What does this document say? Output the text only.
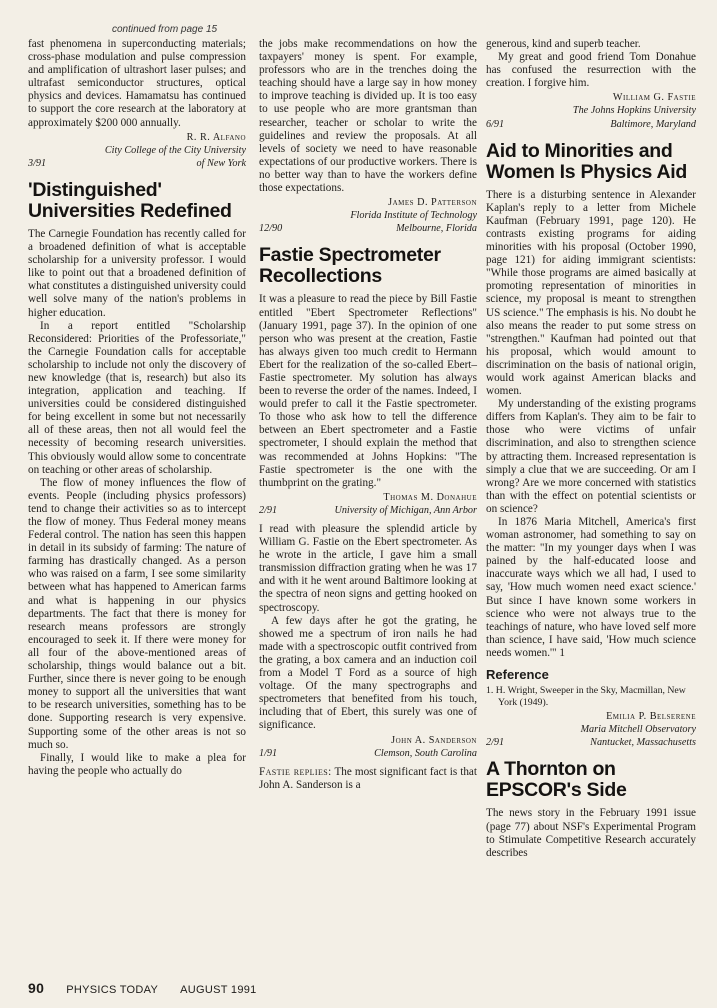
continued from page 15

fast phenomena in superconducting materials; cross-phase modulation and pulse compression and amplification of ultrashort laser pulses; and ultrafast semiconductor structures, optical physics and devices. Hamamatsu has continued to support the core research at the laboratory at approximately $200 000 annually.

R. R. Alfano
City College of the City University
3/91	of New York
'Distinguished' Universities Redefined

The Carnegie Foundation has recently called for a broadened definition of what is acceptable scholarship for a university professor. I would like to point out that a broadened definition of what constitutes a distinguished university could well solve many of the nation's problems in higher education.

In a report entitled "Scholarship Reconsidered: Priorities of the Professoriate," the Carnegie Foundation calls for acceptable scholarship to include not only the discovery of new knowledge (that is, research) but also its integration, application and teaching. If universities could be considered distinguished for being excellent in some but not necessarily all of these areas, then not all would feel the necessity of becoming research universities. This obviously would allow some to concentrate on teaching or other areas of scholarship.

The flow of money influences the flow of events. People (including physics professors) tend to change their activities so as to intercept the flow of money. Thus Federal money means Federal control. The nation has seen this happen in detail in its subsidy of farming: The nature of farming has drastically changed. As a person who was raised on a farm, I see some similarity between what has happened to American farms and what is happening in our physics departments. The fact that there is money for research means professors are strongly encouraged to seek it. If there were money for all four of the above-mentioned areas of scholarship, things would balance out a bit. Further, since there is never going to be enough money to support all the universities that want to be research universities, something has to be done. Supporting research is very expensive. Supporting some of the other areas is not so much so.

Finally, I would like to make a plea for having the people who actually do

the jobs make recommendations on how the taxpayers' money is spent. For example, professors who are in the trenches doing the teaching should have a large say in how money to improve teaching is divided up. It is too easy to use people who are more grantsman than researcher, teacher or scholar to write the guidelines and review the proposals. At all levels of society we need to have reasonable expectations of our productive workers. There is no better way than to have the workers define those expectations.

James D. Patterson
Florida Institute of Technology
12/90	Melbourne, Florida
Fastie Spectrometer Recollections

It was a pleasure to read the piece by Bill Fastie entitled "Ebert Spectrometer Reflections" (January 1991, page 37). In the opinion of one person who was present at the creation, Fastie has always given too much credit to Hermann Ebert for the realization of the so-called Ebert–Fastie spectrometer. My solution has always been to reverse the order of the names. Indeed, I would prefer to call it the Fastie spectrometer. To those who ask how to tell the difference between an Ebert spectrometer and a Fastie spectrometer, I should explain the method that was recommended at Johns Hopkins: "The Fastie spectrometer is the one with the thumbprint on the grating."

Thomas M. Donahue
2/91	University of Michigan, Ann Arbor

I read with pleasure the splendid article by William G. Fastie on the Ebert spectrometer. As he wrote in the article, I gave him a small transmission diffraction grating when he was 17 and with it he went around Baltimore looking at the spectra of neon signs and getting hooked on spectroscopy.

A few days after he got the grating, he showed me a spectrum of iron nails he had made with a spectroscopic outfit contrived from the grating, a box camera and an induction coil from a Model T Ford as a source of high voltage. Of the many spectrographs and spectrometers that benefited from his touch, including that of Ebert, this surely was one of significance.

John A. Sanderson
1/91	Clemson, South Carolina

Fastie replies: The most significant fact is that John A. Sanderson is a

generous, kind and superb teacher.

My great and good friend Tom Donahue has confused the resurrection with the creation. I forgive him.

William G. Fastie
The Johns Hopkins University
6/91	Baltimore, Maryland
Aid to Minorities and Women Is Physics Aid

There is a disturbing sentence in Alexander Kaplan's reply to a letter from Michele Kaufman (February 1991, page 120). He contrasts existing programs for aiding minorities with his proposal (October 1990, page 121) for aiding immigrant scientists: "While those programs are aimed basically at promoting representation of minorities in science, my proposal is meant to strengthen US science." The emphasis is his. No doubt he also means the reader to put some stress on "strengthen." Kaufman had pointed out that his proposal, which would amount to discrimination on the basis of national origin, would work against American blacks and women.

My understanding of the existing programs differs from Kaplan's. They aim to be fair to those who were victims of unfair discrimination, and also to strengthen science by attracting them. Increased representation is simply a clue that we are succeeding. Or am I wrong? Are we more concerned with statistics than with the effect on potential scientists or on science?

In 1876 Maria Mitchell, America's first woman astronomer, had something to say on the matter: "In my younger days when I was pained by the half-educated loose and inaccurate ways which we all had, I used to say, 'How much women need exact science.' But since I have known some workers in science who were not always true to the teachings of nature, who have loved self more than science, I have said, 'How much science needs women.'" 1

Reference
1. H. Wright, Sweeper in the Sky, Macmillan, New York (1949).
Emilia P. Belserene
Maria Mitchell Observatory
2/91	Nantucket, Massachusetts
A Thornton on EPSCOR's Side

The news story in the February 1991 issue (page 77) about NSF's Experimental Program to Stimulate Competitive Research accurately describes

90 PHYSICS TODAY AUGUST 1991
